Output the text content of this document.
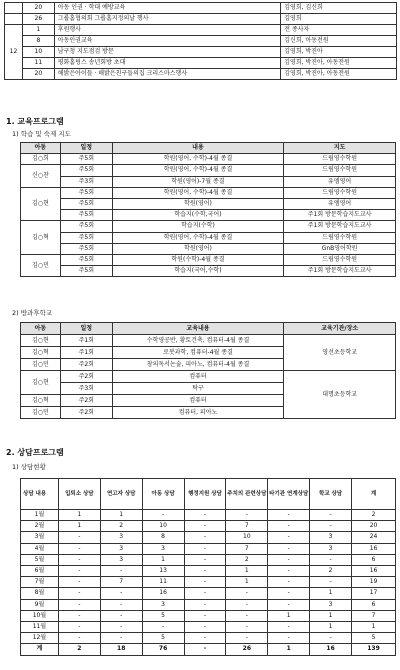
	20	아동 인권 · 학대 예방교육	김영희, 김신희
	26	그룹홈협의회 그룹홈지정의날 행사	김영희
12	1	후원행사	전 종사자
	8	아동인권교육	김신희, 아동전원
	10	남구청 지도점검 방문	김영희, 박진아
	11	평화홈링스 송년회방 초대	김영희, 박진아, 아동전원
	20	해밝은아이들 · 해밝은친구들의집 크리스마스행사	김영희, 박진아, 아동전원
1. 교육프로그램
1) 학습 및 숙제 지도
아동	일정	내용	지도
김○희	주5회	학원(영어, 수학)-4월 종결	드림영수학원
신○찬	주5회	학원(영어, 수학)-4월 종결	드림영수학원
	주3회	학원(영어)-7월 종결	유엠영어
김○현	주5회	학원(영어, 수학)-4월 종결	드림영수학원
	주5회	학원(영어)	유엠영어
	주5회	학습지(수학,국어)	주1회 방문학습지도교사
김○혁	주5회	학습지(수학)	주1회 방문학습지도교사
	주5회	학원(영어, 수학)-4월 종결	드림영수학원
	주5회	학원(영어)	GnB영어학원
김○민	주5회	학원(수학)-4월 종결	드림영수학원
	주5회	학습지(국어,수학)	주1회 방문학습지도교사
2) 방과후학교
아동	일정	교육내용	교육기관/장소
김○현	주1회	수학영공반, 황토건축, 컴퓨터-4월 종결	영선초등학교
김○혁	주1회	로봇과학, 컴퓨터-4월 종결	
김○민	주2회	창의독서논술, 피아노, 컴퓨터-4월 종결	
김○현	주2회	컴퓨터	대명초등학교
	주3회	탁구	
김○혁	주2회	컴퓨터	
김○민	주2회	컴퓨터, 피아노	
2. 상담프로그램
1) 상담현황
상담 내용	입퇴소 상담	연고자 상담	아동 상담	행정지원 상담	주치의 관련상담	타기관 연계상담	학교 상담	계
1월	1	1	-	-	-	-	-	2
2월	1	2	10	-	7	-	-	20
3월	-	3	8	-	10	-	3	24
4월	-	3	3	-	7	-	3	16
5월	-	3	1	-	2	-	-	6
6월	-	-	13	-	1	-	2	16
7월	-	7	11	-	1	-	-	19
8월	-	-	16	-	-	-	1	17
9월	-	-	3	-	-	-	3	6
10월	-	-	5	-	-	1	1	7
11월	-	-	-	-	-	-	1	1
12월	-	-	5	-	-	-	-	5
계	2	18	76	-	26	1	16	139
